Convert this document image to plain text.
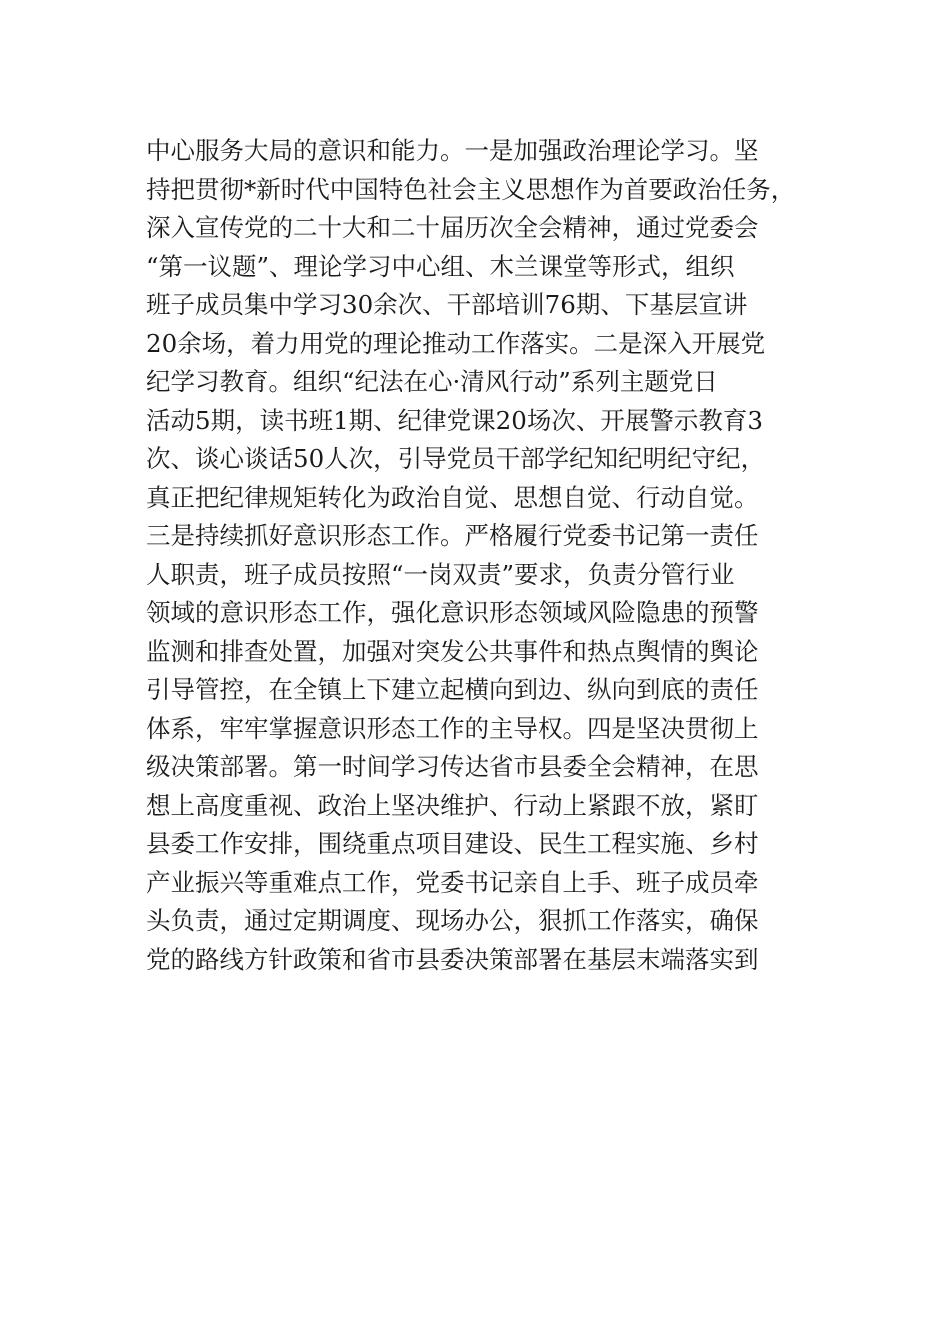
中心服务大局的意识和能力。一是加强政治理论学习。坚
持把贯彻*新时代中国特色社会主义思想作为首要政治任务，
深入宣传党的二十大和二十届历次全会精神，通过党委会
“第一议题”、理论学习中心组、木兰课堂等形式，组织
班子成员集中学习30余次、干部培训76期、下基层宣讲
20余场，着力用党的理论推动工作落实。二是深入开展党
纪学习教育。组织“纪法在心·清风行动”系列主题党日
活动5期，读书班1期、纪律党课20场次、开展警示教育3
次、谈心谈话50人次，引导党员干部学纪知纪明纪守纪，
真正把纪律规矩转化为政治自觉、思想自觉、行动自觉。
三是持续抓好意识形态工作。严格履行党委书记第一责任
人职责，班子成员按照“一岗双责”要求，负责分管行业
领域的意识形态工作，强化意识形态领域风险隐患的预警
监测和排查处置，加强对突发公共事件和热点舆情的舆论
引导管控，在全镇上下建立起横向到边、纵向到底的责任
体系，牢牢掌握意识形态工作的主导权。四是坚决贯彻上
级决策部署。第一时间学习传达省市县委全会精神，在思
想上高度重视、政治上坚决维护、行动上紧跟不放，紧盯
县委工作安排，围绕重点项目建设、民生工程实施、乡村
产业振兴等重难点工作，党委书记亲自上手、班子成员牵
头负责，通过定期调度、现场办公，狠抓工作落实，确保
党的路线方针政策和省市县委决策部署在基层末端落实到
